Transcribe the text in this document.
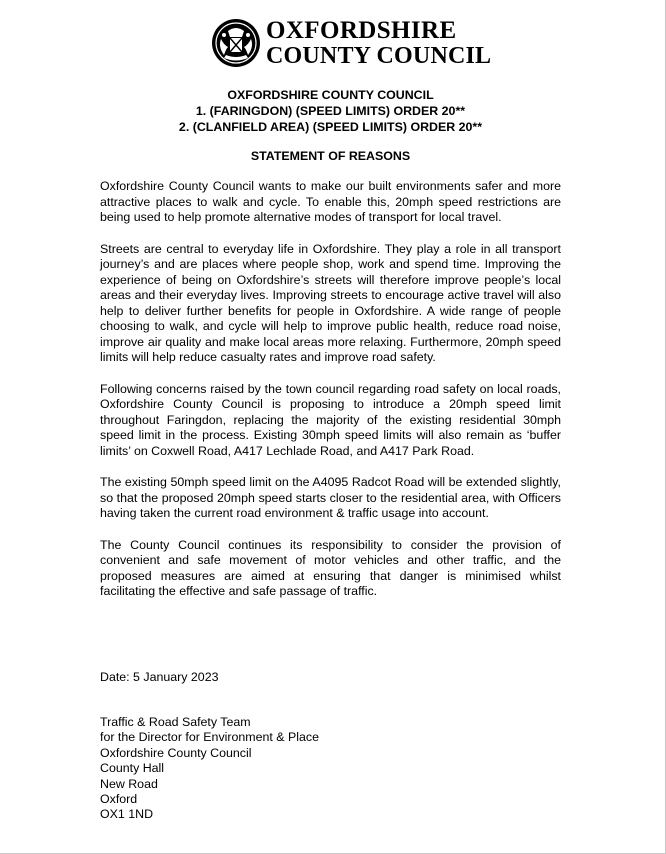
OXFORDSHIRE
COUNTY COUNCIL
OXFORDSHIRE COUNTY COUNCIL
1. (FARINGDON) (SPEED LIMITS) ORDER 20**
2. (CLANFIELD AREA) (SPEED LIMITS) ORDER 20**
STATEMENT OF REASONS

Oxfordshire County Council wants to make our built environments safer and more attractive places to walk and cycle. To enable this, 20mph speed restrictions are being used to help promote alternative modes of transport for local travel.

Streets are central to everyday life in Oxfordshire. They play a role in all transport journey’s and are places where people shop, work and spend time. Improving the experience of being on Oxfordshire’s streets will therefore improve people’s local areas and their everyday lives. Improving streets to encourage active travel will also help to deliver further benefits for people in Oxfordshire. A wide range of people choosing to walk, and cycle will help to improve public health, reduce road noise, improve air quality and make local areas more relaxing. Furthermore, 20mph speed limits will help reduce casualty rates and improve road safety.

Following concerns raised by the town council regarding road safety on local roads, Oxfordshire County Council is proposing to introduce a 20mph speed limit throughout Faringdon, replacing the majority of the existing residential 30mph speed limit in the process. Existing 30mph speed limits will also remain as ‘buffer limits’ on Coxwell Road, A417 Lechlade Road, and A417 Park Road.

The existing 50mph speed limit on the A4095 Radcot Road will be extended slightly, so that the proposed 20mph speed starts closer to the residential area, with Officers having taken the current road environment & traffic usage into account.

The County Council continues its responsibility to consider the provision of convenient and safe movement of motor vehicles and other traffic, and the proposed measures are aimed at ensuring that danger is minimised whilst facilitating the effective and safe passage of traffic.

Date: 5 January 2023
Traffic & Road Safety Team
for the Director for Environment & Place
Oxfordshire County Council
County Hall
New Road
Oxford
OX1 1ND
